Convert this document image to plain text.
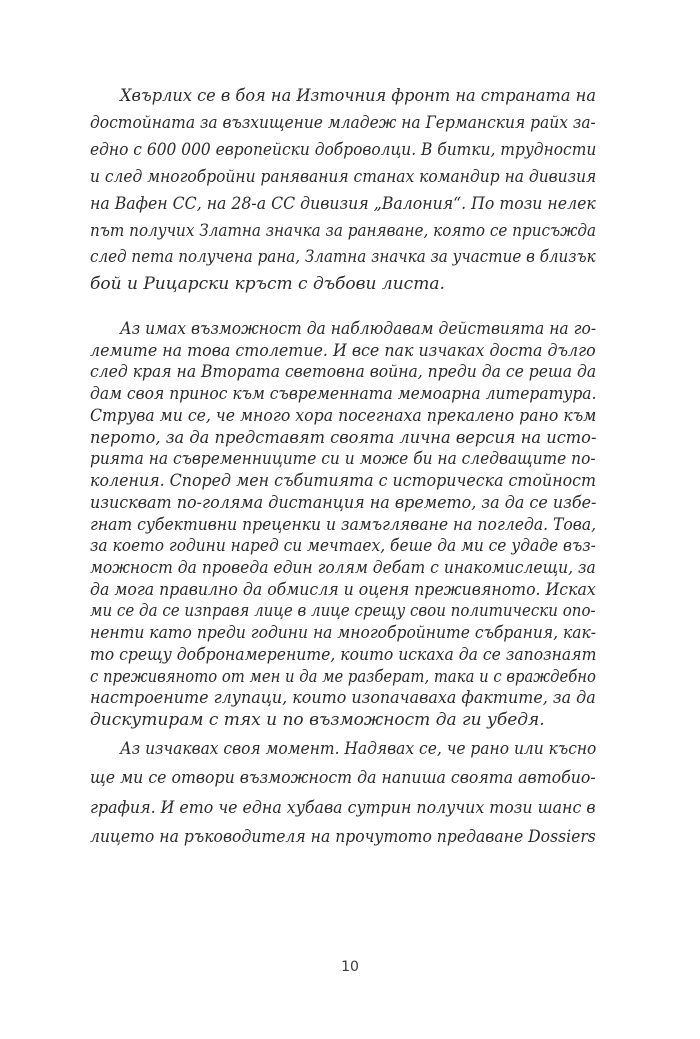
Хвърлих се в боя на Източния фронт на страната на
достойната за възхищение младеж на Германския райх за-
едно с 600 000 европейски доброволци. В битки, трудности
и след многобройни ранявания станах командир на дивизия
на Вафен СС, на 28-а СС дивизия „Валония“. По този нелек
път получих Златна значка за раняване, която се присъжда
след пета получена рана, Златна значка за участие в близък
бой и Рицарски кръст с дъбови листа.
Аз имах възможност да наблюдавам действията на го-
лемите на това столетие. И все пак изчаках доста дълго
след края на Втората световна война, преди да се реша да
дам своя принос към съвременната мемоарна литература.
Струва ми се, че много хора посегнаха прекалено рано към
перото, за да представят своята лична версия на исто-
рията на съвременниците си и може би на следващите по-
коления. Според мен събитията с историческа стойност
изискват по-голяма дистанция на времето, за да се избе-
гнат субективни преценки и замъгляване на погледа. Това,
за което години наред си мечтаех, беше да ми се удаде въз-
можност да проведа един голям дебат с инакомислещи, за
да мога правилно да обмисля и оценя преживяното. Исках
ми се да се изправя лице в лице срещу свои политически опо-
ненти като преди години на многобройните събрания, как-
то срещу добронамерените, които искаха да се запознаят
с преживяното от мен и да ме разберат, така и с враждебно
настроените глупаци, които изопачаваха фактите, за да
дискутирам с тях и по възможност да ги убедя.
Аз изчаквах своя момент. Надявах се, че рано или късно
ще ми се отвори възможност да напиша своята автобио-
графия. И ето че една хубава сутрин получих този шанс в
лицето на ръководителя на прочутото предаване Dossiers
10
